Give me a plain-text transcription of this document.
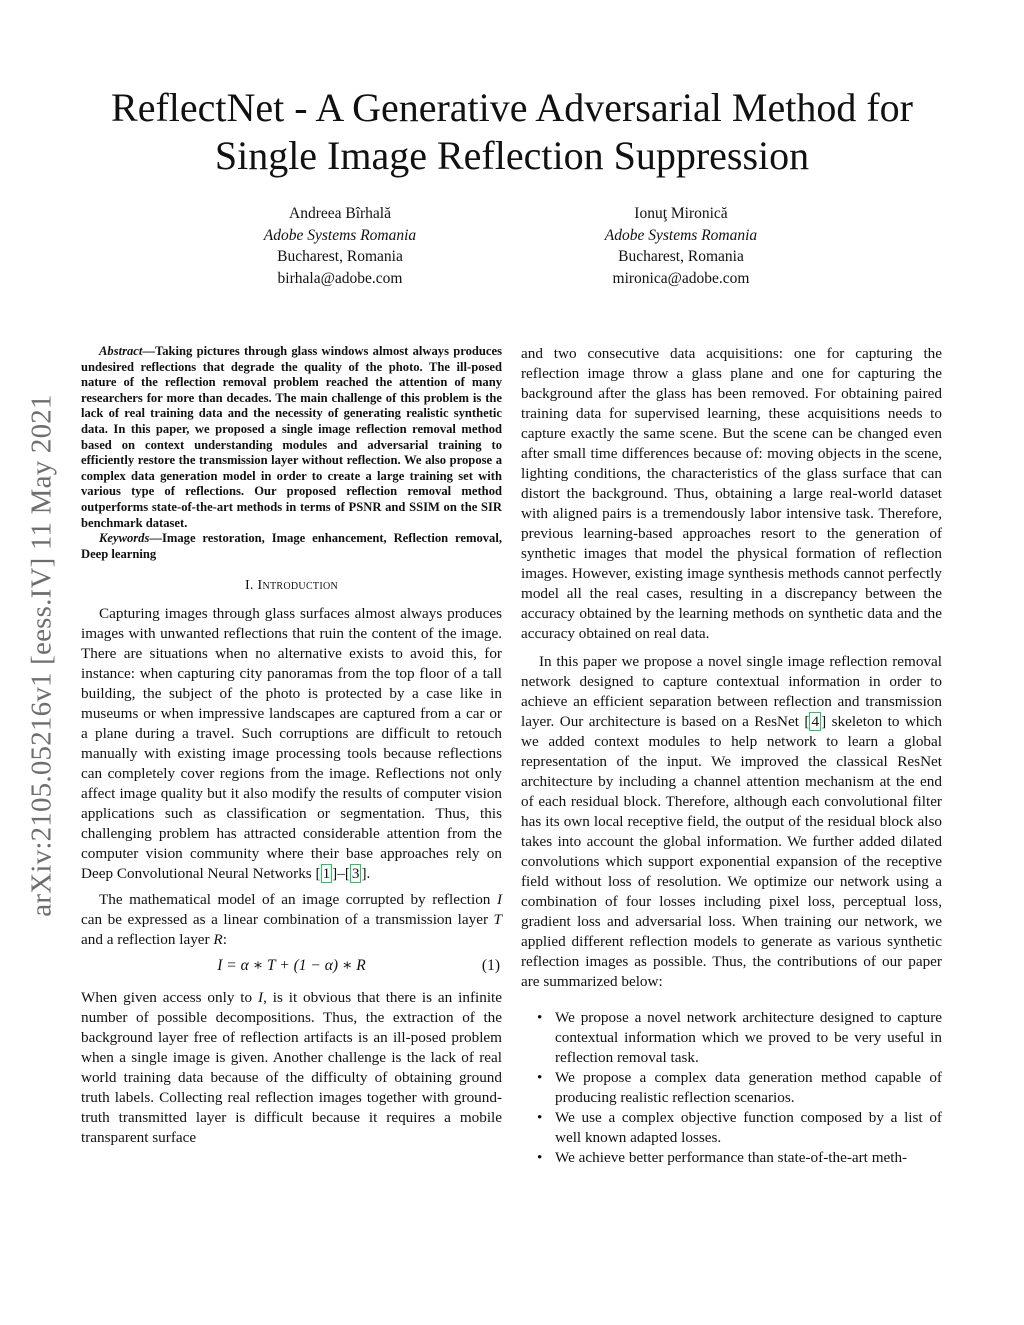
arXiv:2105.05216v1 [eess.IV] 11 May 2021
ReflectNet - A Generative Adversarial Method for
Single Image Reflection Suppression
Andreea Bîrhală
Adobe Systems Romania
Bucharest, Romania
birhala@adobe.com
Ionuţ Mironică
Adobe Systems Romania
Bucharest, Romania
mironica@adobe.com

Abstract—Taking pictures through glass windows almost always produces undesired reflections that degrade the quality of the photo. The ill-posed nature of the reflection removal problem reached the attention of many researchers for more than decades. The main challenge of this problem is the lack of real training data and the necessity of generating realistic synthetic data. In this paper, we proposed a single image reflection removal method based on context understanding modules and adversarial training to efficiently restore the transmission layer without reflection. We also propose a complex data generation model in order to create a large training set with various type of reflections. Our proposed reflection removal method outperforms state-of-the-art methods in terms of PSNR and SSIM on the SIR benchmark dataset.

Keywords—Image restoration, Image enhancement, Reflection removal, Deep learning

I. Introduction

Capturing images through glass surfaces almost always produces images with unwanted reflections that ruin the content of the image. There are situations when no alternative exists to avoid this, for instance: when capturing city panoramas from the top floor of a tall building, the subject of the photo is protected by a case like in museums or when impressive landscapes are captured from a car or a plane during a travel. Such corruptions are difficult to retouch manually with existing image processing tools because reflections can completely cover regions from the image. Reflections not only affect image quality but it also modify the results of computer vision applications such as classification or segmentation. Thus, this challenging problem has attracted considerable attention from the computer vision community where their base approaches rely on Deep Convolutional Neural Networks [ 1 ]–[ 3 ].

The mathematical model of an image corrupted by reflection I can be expressed as a linear combination of a transmission layer T and a reflection layer R:

I = α ∗ T + (1 − α) ∗ R	(1)

When given access only to I, is it obvious that there is an infinite number of possible decompositions. Thus, the extraction of the background layer free of reflection artifacts is an ill-posed problem when a single image is given. Another challenge is the lack of real world training data because of the difficulty of obtaining ground truth labels. Collecting real reflection images together with ground-truth transmitted layer is difficult because it requires a mobile transparent surface

and two consecutive data acquisitions: one for capturing the reflection image throw a glass plane and one for capturing the background after the glass has been removed. For obtaining paired training data for supervised learning, these acquisitions needs to capture exactly the same scene. But the scene can be changed even after small time differences because of: moving objects in the scene, lighting conditions, the characteristics of the glass surface that can distort the background. Thus, obtaining a large real-world dataset with aligned pairs is a tremendously labor intensive task. Therefore, previous learning-based approaches resort to the generation of synthetic images that model the physical formation of reflection images. However, existing image synthesis methods cannot perfectly model all the real cases, resulting in a discrepancy between the accuracy obtained by the learning methods on synthetic data and the accuracy obtained on real data.

In this paper we propose a novel single image reflection removal network designed to capture contextual information in order to achieve an efficient separation between reflection and transmission layer. Our architecture is based on a ResNet [ 4 ] skeleton to which we added context modules to help network to learn a global representation of the input. We improved the classical ResNet architecture by including a channel attention mechanism at the end of each residual block. Therefore, although each convolutional filter has its own local receptive field, the output of the residual block also takes into account the global information. We further added dilated convolutions which support exponential expansion of the receptive field without loss of resolution. We optimize our network using a combination of four losses including pixel loss, perceptual loss, gradient loss and adversarial loss. When training our network, we applied different reflection models to generate as various synthetic reflection images as possible. Thus, the contributions of our paper are summarized below:

• We propose a novel network architecture designed to capture contextual information which we proved to be very useful in reflection removal task.
• We propose a complex data generation method capable of producing realistic reflection scenarios.
• We use a complex objective function composed by a list of well known adapted losses.
• We achieve better performance than state-of-the-art meth-
